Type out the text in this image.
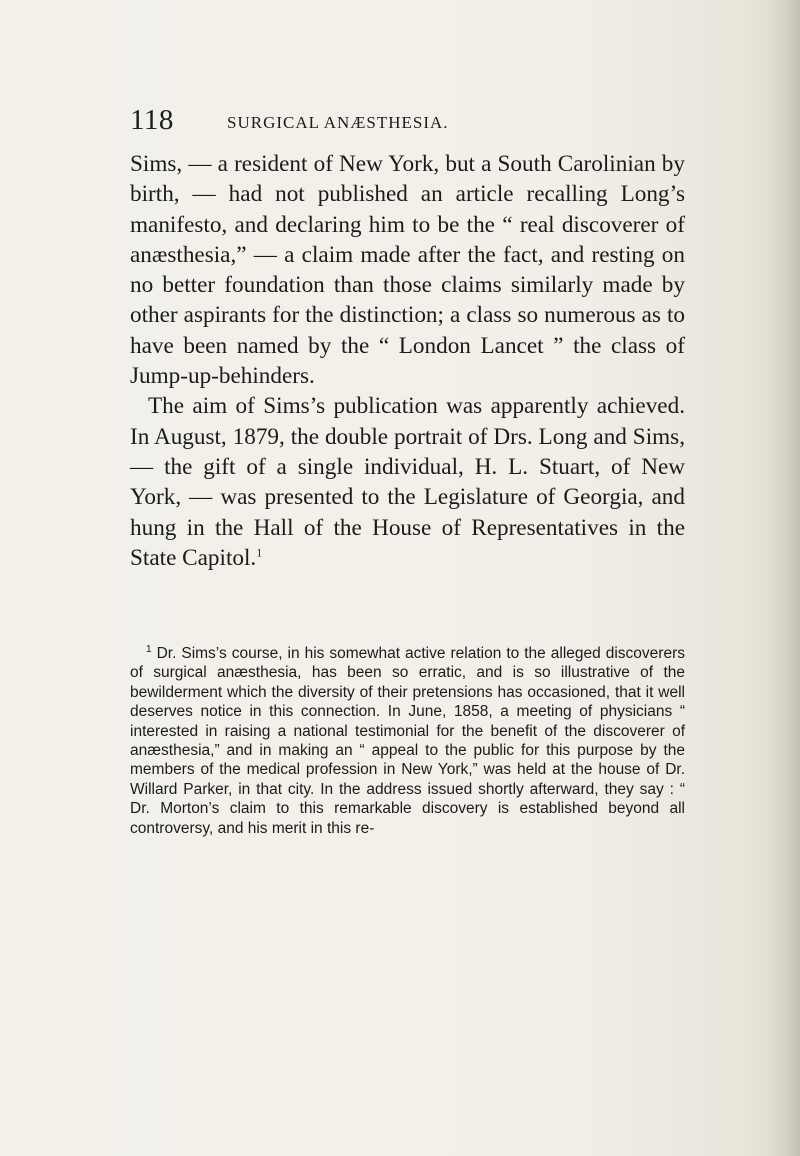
118	SURGICAL ANÆSTHESIA.

Sims, — a resident of New York, but a South Carolinian by birth, — had not published an article recalling Long’s manifesto, and declaring him to be the “ real discoverer of anæsthesia,” — a claim made after the fact, and resting on no better foundation than those claims similarly made by other aspirants for the distinction; a class so numerous as to have been named by the “ London Lancet ” the class of Jump-up-behinders.

The aim of Sims’s publication was apparently achieved. In August, 1879, the double portrait of Drs. Long and Sims, — the gift of a single individual, H. L. Stuart, of New York, — was presented to the Legislature of Georgia, and hung in the Hall of the House of Representatives in the State Capitol.$^1$

$^1$ Dr. Sims’s course, in his somewhat active relation to the alleged discoverers of surgical anæsthesia, has been so erratic, and is so illustrative of the bewilderment which the diversity of their pretensions has occasioned, that it well deserves notice in this connection. In June, 1858, a meeting of physicians “ interested in raising a national testimonial for the benefit of the discoverer of anæsthesia,” and in making an “ appeal to the public for this purpose by the members of the medical profession in New York,” was held at the house of Dr. Willard Parker, in that city. In the address issued shortly afterward, they say : “ Dr. Morton’s claim to this remarkable discovery is established beyond all controversy, and his merit in this re-
